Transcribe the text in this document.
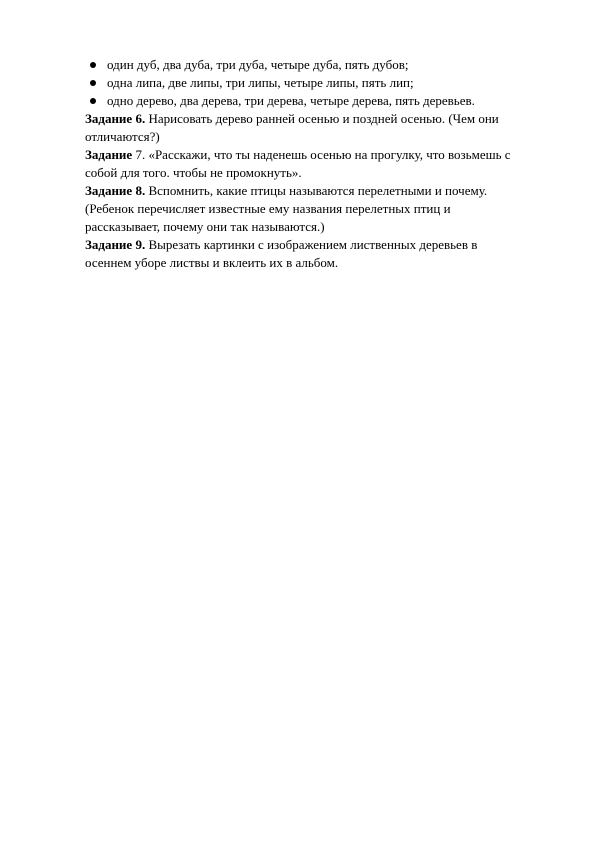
один дуб, два дуба, три дуба, четыре дуба, пять дубов;
одна липа, две липы, три липы, четыре липы, пять лип;
одно дерево, два дерева, три дерева, четыре дерева, пять деревьев.

Задание 6. Нарисовать дерево ранней осенью и поздней осенью. (Чем они отличаются?)

Задание 7. «Расскажи, что ты наденешь осенью на прогулку, что возьмешь с собой для того. чтобы не промокнуть».

Задание 8. Вспомнить, какие птицы называются перелетными и почему. (Ребенок перечисляет известные ему названия перелетных птиц и рассказывает, почему они так называются.)

Задание 9. Вырезать картинки с изображением лиственных деревьев в осеннем уборе листвы и вклеить их в альбом.
